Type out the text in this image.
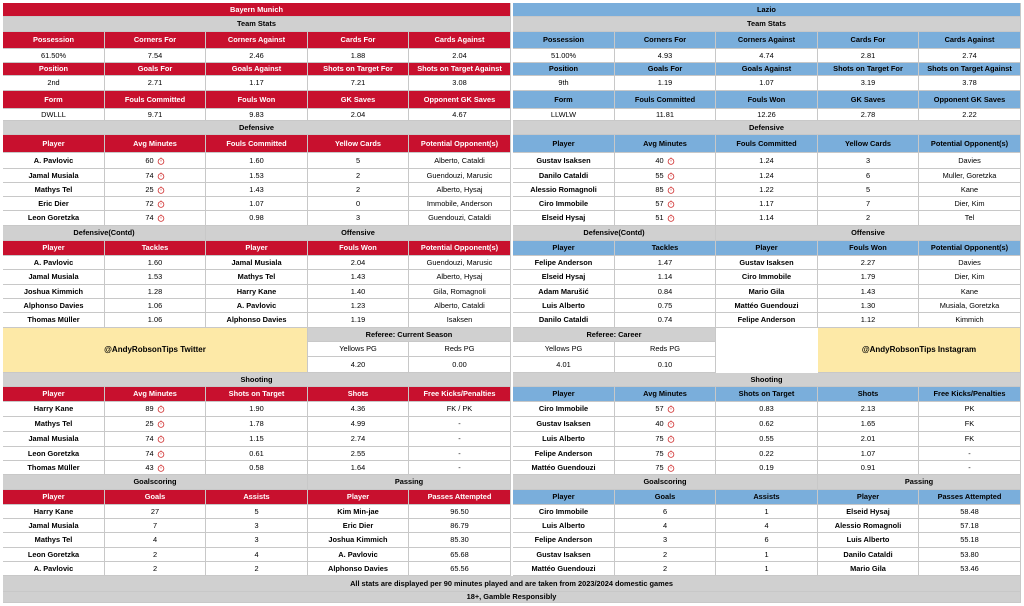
Bayern Munich
Team Stats
Possession	Corners For	Corners Against	Cards For	Cards Against
61.50%	7.54	2.46	1.88	2.04
Position	Goals For	Goals Against	Shots on Target For	Shots on Target Against
2nd	2.71	1.17	7.21	3.08
Form	Fouls Committed	Fouls Won	GK Saves	Opponent GK Saves
DWLLL	9.71	9.83	2.04	4.67
Defensive
Player	Avg Minutes	Fouls Committed	Yellow Cards	Potential Opponent(s)
A. Pavlovic	60	1.60	5	Alberto, Cataldi
Jamal Musiala	74	1.53	2	Guendouzi, Marusic
Mathys Tel	25	1.43	2	Alberto, Hysaj
Eric Dier	72	1.07	0	Immobile, Anderson
Leon Goretzka	74	0.98	3	Guendouzi, Cataldi
Defensive(Contd)	Offensive
Player	Tackles	Player	Fouls Won	Potential Opponent(s)
A. Pavlovic	1.60	Jamal Musiala	2.04	Guendouzi, Marusic
Jamal Musiala	1.53	Mathys Tel	1.43	Alberto, Hysaj
Joshua Kimmich	1.28	Harry Kane	1.40	Gila, Romagnoli
Alphonso Davies	1.06	A. Pavlovic	1.23	Alberto, Cataldi
Thomas Müller	1.06	Alphonso Davies	1.19	Isaksen
Shooting
Player	Avg Minutes	Shots on Target	Shots	Free Kicks/Penalties
Harry Kane	89	1.90	4.36	FK / PK
Mathys Tel	25	1.78	4.99	-
Jamal Musiala	74	1.15	2.74	-
Leon Goretzka	74	0.61	2.55	-
Thomas Müller	43	0.58	1.64	-
Goalscoring	Passing
Player	Goals	Assists	Player	Passes Attempted
Harry Kane	27	5	Kim Min-jae	96.50
Jamal Musiala	7	3	Eric Dier	86.79
Mathys Tel	4	3	Joshua Kimmich	85.30
Leon Goretzka	2	4	A. Pavlovic	65.68
A. Pavlovic	2	2	Alphonso Davies	65.56
Lazio
Team Stats
Possession	Corners For	Corners Against	Cards For	Cards Against
51.00%	4.93	4.74	2.81	2.74
Position	Goals For	Goals Against	Shots on Target For	Shots on Target Against
9th	1.19	1.07	3.19	3.78
Form	Fouls Committed	Fouls Won	GK Saves	Opponent GK Saves
LLWLW	11.81	12.26	2.78	2.22
Defensive
Player	Avg Minutes	Fouls Committed	Yellow Cards	Potential Opponent(s)
Gustav Isaksen	40	1.24	3	Davies
Danilo Cataldi	55	1.24	6	Muller, Goretzka
Alessio Romagnoli	85	1.22	5	Kane
Ciro Immobile	57	1.17	7	Dier, Kim
Elseid Hysaj	51	1.14	2	Tel
Defensive(Contd)	Offensive
Player	Tackles	Player	Fouls Won	Potential Opponent(s)
Felipe Anderson	1.47	Gustav Isaksen	2.27	Davies
Elseid Hysaj	1.14	Ciro Immobile	1.79	Dier, Kim
Adam Marušić	0.84	Mario Gila	1.43	Kane
Luis Alberto	0.75	Mattéo Guendouzi	1.30	Musiala, Goretzka
Danilo Cataldi	0.74	Felipe Anderson	1.12	Kimmich
Shooting
Player	Avg Minutes	Shots on Target	Shots	Free Kicks/Penalties
Ciro Immobile	57	0.83	2.13	PK
Gustav Isaksen	40	0.62	1.65	FK
Luis Alberto	75	0.55	2.01	FK
Felipe Anderson	75	0.22	1.07	-
Mattéo Guendouzi	75	0.19	0.91	-
Goalscoring	Passing
Player	Goals	Assists	Player	Passes Attempted
Ciro Immobile	6	1	Elseid Hysaj	58.48
Luis Alberto	4	4	Alessio Romagnoli	57.18
Felipe Anderson	3	6	Luis Alberto	55.18
Gustav Isaksen	2	1	Danilo Cataldi	53.80
Mattéo Guendouzi	2	1	Mario Gila	53.46
@AndyRobsonTips Twitter	@AndyRobsonTips Instagram
Referee: Current Season
Yellows PG	Reds PG
4.20	0.00
Referee: Career
Yellows PG	Reds PG
4.01	0.10
All stats are displayed per 90 minutes played and are taken from 2023/2024 domestic games
18+, Gamble Responsibly
